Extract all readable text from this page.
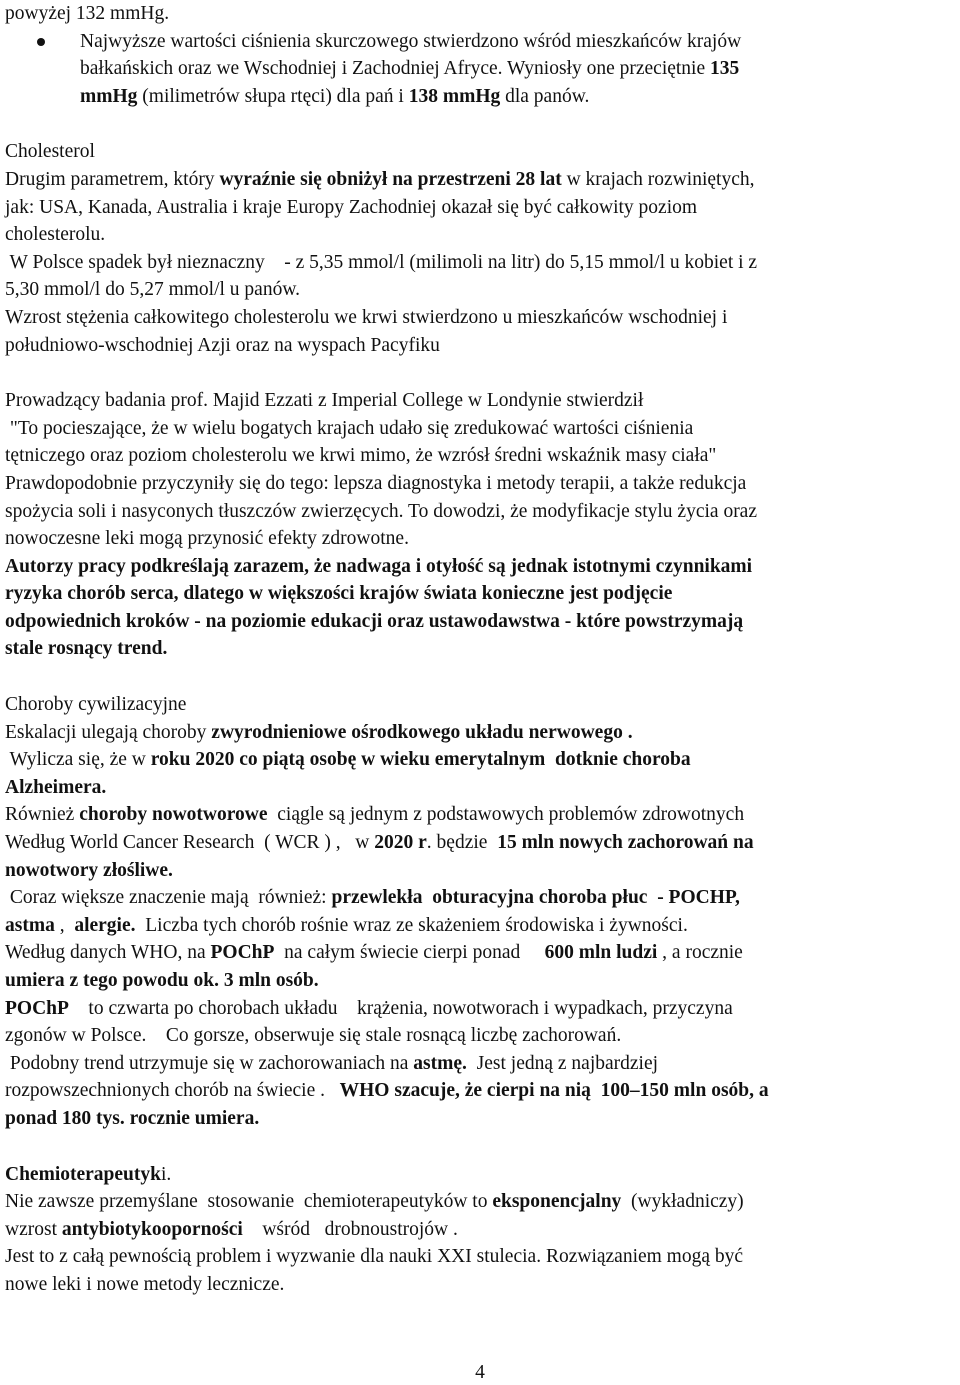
powyżej 132 mmHg.

Najwyższe wartości ciśnienia skurczowego stwierdzono wśród mieszkańców krajów

bałkańskich oraz we Wschodniej i Zachodniej Afryce. Wyniosły one przeciętnie 135

mmHg (milimetrów słupa rtęci) dla pań i 138 mmHg dla panów.

Cholesterol

Drugim parametrem, który wyraźnie się obniżył na przestrzeni 28 lat w krajach rozwiniętych,

jak: USA, Kanada, Australia i kraje Europy Zachodniej okazał się być całkowity poziom

cholesterolu.

W Polsce spadek był nieznaczny    - z 5,35 mmol/l (milimoli na litr) do 5,15 mmol/l u kobiet i z

5,30 mmol/l do 5,27 mmol/l u panów.

Wzrost stężenia całkowitego cholesterolu we krwi stwierdzono u mieszkańców wschodniej i

południowo-wschodniej Azji oraz na wyspach Pacyfiku

Prowadzący badania prof. Majid Ezzati z Imperial College w Londynie stwierdził

"To pocieszające, że w wielu bogatych krajach udało się zredukować wartości ciśnienia

tętniczego oraz poziom cholesterolu we krwi mimo, że wzrósł średni wskaźnik masy ciała"

Prawdopodobnie przyczyniły się do tego: lepsza diagnostyka i metody terapii, a także redukcja

spożycia soli i nasyconych tłuszczów zwierzęcych. To dowodzi, że modyfikacje stylu życia oraz

nowoczesne leki mogą przynosić efekty zdrowotne.

Autorzy pracy podkreślają zarazem, że nadwaga i otyłość są jednak istotnymi czynnikami

ryzyka chorób serca, dlatego w większości krajów świata konieczne jest podjęcie

odpowiednich kroków - na poziomie edukacji oraz ustawodawstwa - które powstrzymają

stale rosnący trend.

Choroby cywilizacyjne

Eskalacji ulegają choroby zwyrodnieniowe ośrodkowego układu nerwowego .

Wylicza się, że w roku 2020 co piątą osobę w wieku emerytalnym  dotknie choroba

Alzheimera.

Również choroby nowotworowe  ciągle są jednym z podstawowych problemów zdrowotnych

Według World Cancer Research  ( WCR ) ,   w 2020 r. będzie  15 mln nowych zachorowań na

nowotwory złośliwe.

Coraz większe znaczenie mają  również: przewlekła  obturacyjna choroba płuc  - POCHP,

astma ,  alergie.  Liczba tych chorób rośnie wraz ze skażeniem środowiska i żywności.

Według danych WHO, na POChP  na całym świecie cierpi ponad     600 mln ludzi , a rocznie

umiera z tego powodu ok. 3 mln osób.

POChP    to czwarta po chorobach układu    krążenia, nowotworach i wypadkach, przyczyna

zgonów w Polsce.    Co gorsze, obserwuje się stale rosnącą liczbę zachorowań.

Podobny trend utrzymuje się w zachorowaniach na astmę.  Jest jedną z najbardziej

rozpowszechnionych chorób na świecie .   WHO szacuje, że cierpi na nią  100–150 mln osób, a

ponad 180 tys. rocznie umiera.

Chemioterapeutyki.

Nie zawsze przemyślane  stosowanie  chemioterapeutyków to eksponencjalny  (wykładniczy)

wzrost antybiotykooporności    wśród   drobnoustrojów .

Jest to z całą pewnością problem i wyzwanie dla nauki XXI stulecia. Rozwiązaniem mogą być

nowe leki i nowe metody lecznicze.

4
